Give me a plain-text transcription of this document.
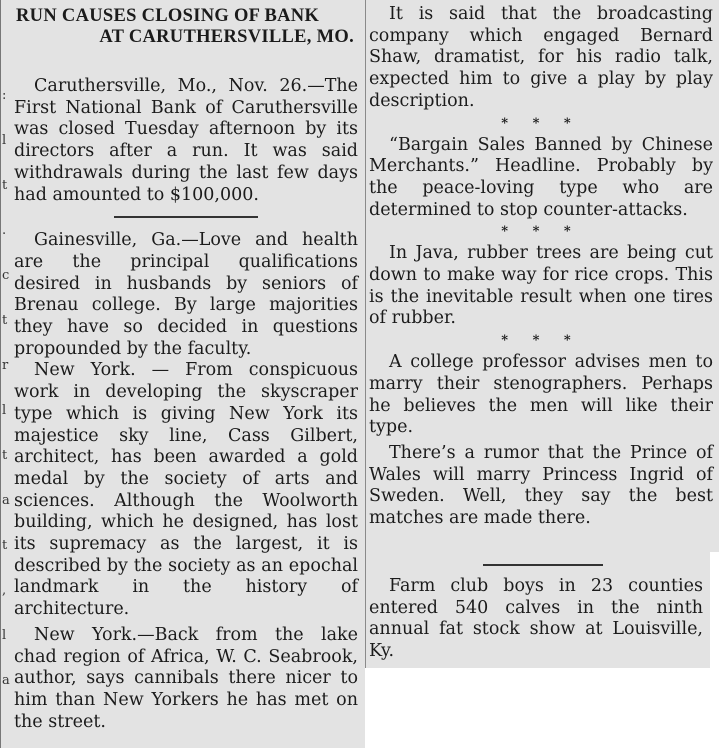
RUN CAUSES CLOSING OF BANK
AT CARUTHERSVILLE, MO.

Caruthersville, Mo., Nov. 26.—The First National Bank of Caruthersville was closed Tuesday afternoon by its directors after a run. It was said withdrawals during the last few days had amounted to $100,000.

Gainesville, Ga.—Love and health are the principal qualifications desired in husbands by seniors of Brenau college. By large majorities they have so decided in questions propounded by the faculty.

New York. — From conspicuous work in developing the skyscraper type which is giving New York its majestice sky line, Cass Gilbert, architect, has been awarded a gold medal by the society of arts and sciences. Although the Woolworth building, which he designed, has lost its supremacy as the largest, it is described by the society as an epochal landmark in the history of architecture.

New York.—Back from the lake chad region of Africa, W. C. Seabrook, author, says cannibals there nicer to him than New Yorkers he has met on the street.

:
l
t
.
c
t
r
l
t
a
t
,
l
a

It is said that the broadcasting company which engaged Bernard Shaw, dramatist, for his radio talk, expected him to give a play by play description.

* * *

“Bargain Sales Banned by Chinese Merchants.” Headline. Probably by the peace-loving type who are determined to stop counter-attacks.

* * *

In Java, rubber trees are being cut down to make way for rice crops. This is the inevitable result when one tires of rubber.

* * *

A college professor advises men to marry their stenographers. Perhaps he believes the men will like their type.

There’s a rumor that the Prince of Wales will marry Princess Ingrid of Sweden. Well, they say the best matches are made there.

Farm club boys in 23 counties entered 540 calves in the ninth annual fat stock show at Louisville, Ky.
